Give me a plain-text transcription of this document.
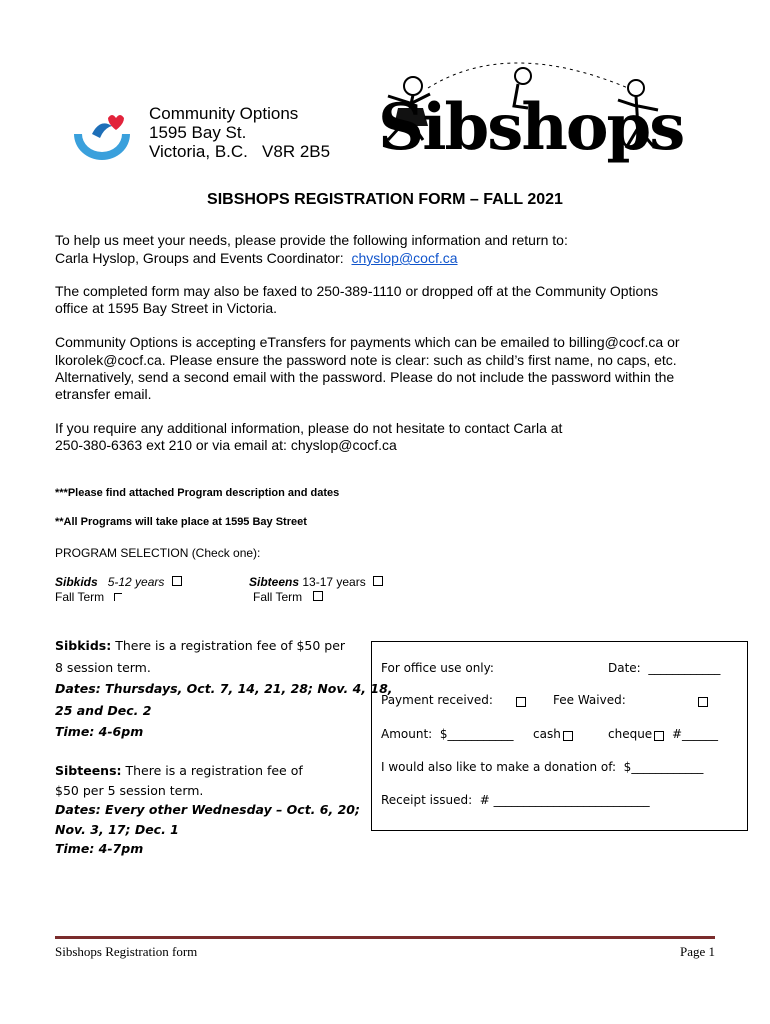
Community Options
1595 Bay St.
Victoria, B.C.   V8R 2B5 Sibshops
SIBSHOPS REGISTRATION FORM – FALL 2021
To help us meet your needs, please provide the following information and return to:
Carla Hyslop, Groups and Events Coordinator:  chyslop@cocf.ca
The completed form may also be faxed to 250-389-1110 or dropped off at the Community Options
office at 1595 Bay Street in Victoria.
Community Options is accepting eTransfers for payments which can be emailed to billing@cocf.ca or
lkorolek@cocf.ca. Please ensure the password note is clear: such as child’s first name, no caps, etc.
Alternatively, send a second email with the password. Please do not include the password within the
etransfer email.
If you require any additional information, please do not hesitate to contact Carla at
250-380-6363 ext 210 or via email at: chyslop@cocf.ca
***Please find attached Program description and dates
**All Programs will take place at 1595 Bay Street
PROGRAM SELECTION (Check one):
Sibkids 5-12 years
Fall Term
Sibteens 13-17 years
Fall Term
Sibkids: There is a registration fee of $50 per
8 session term.
Dates: Thursdays, Oct. 7, 14, 21, 28; Nov. 4, 18,
25 and Dec. 2
Time: 4-6pm
Sibteens: There is a registration fee of
$50 per 5 session term.
Dates: Every other Wednesday – Oct. 6, 20;
Nov. 3, 17; Dec. 1
Time: 4-7pm
For office use only:	Date:  ____________
Payment received:	Fee Waived:
Amount:  $___________ cash	cheque #______
I would also like to make a donation of:  $____________
Receipt issued:  # __________________________
Sibshops Registration form	Page 1
